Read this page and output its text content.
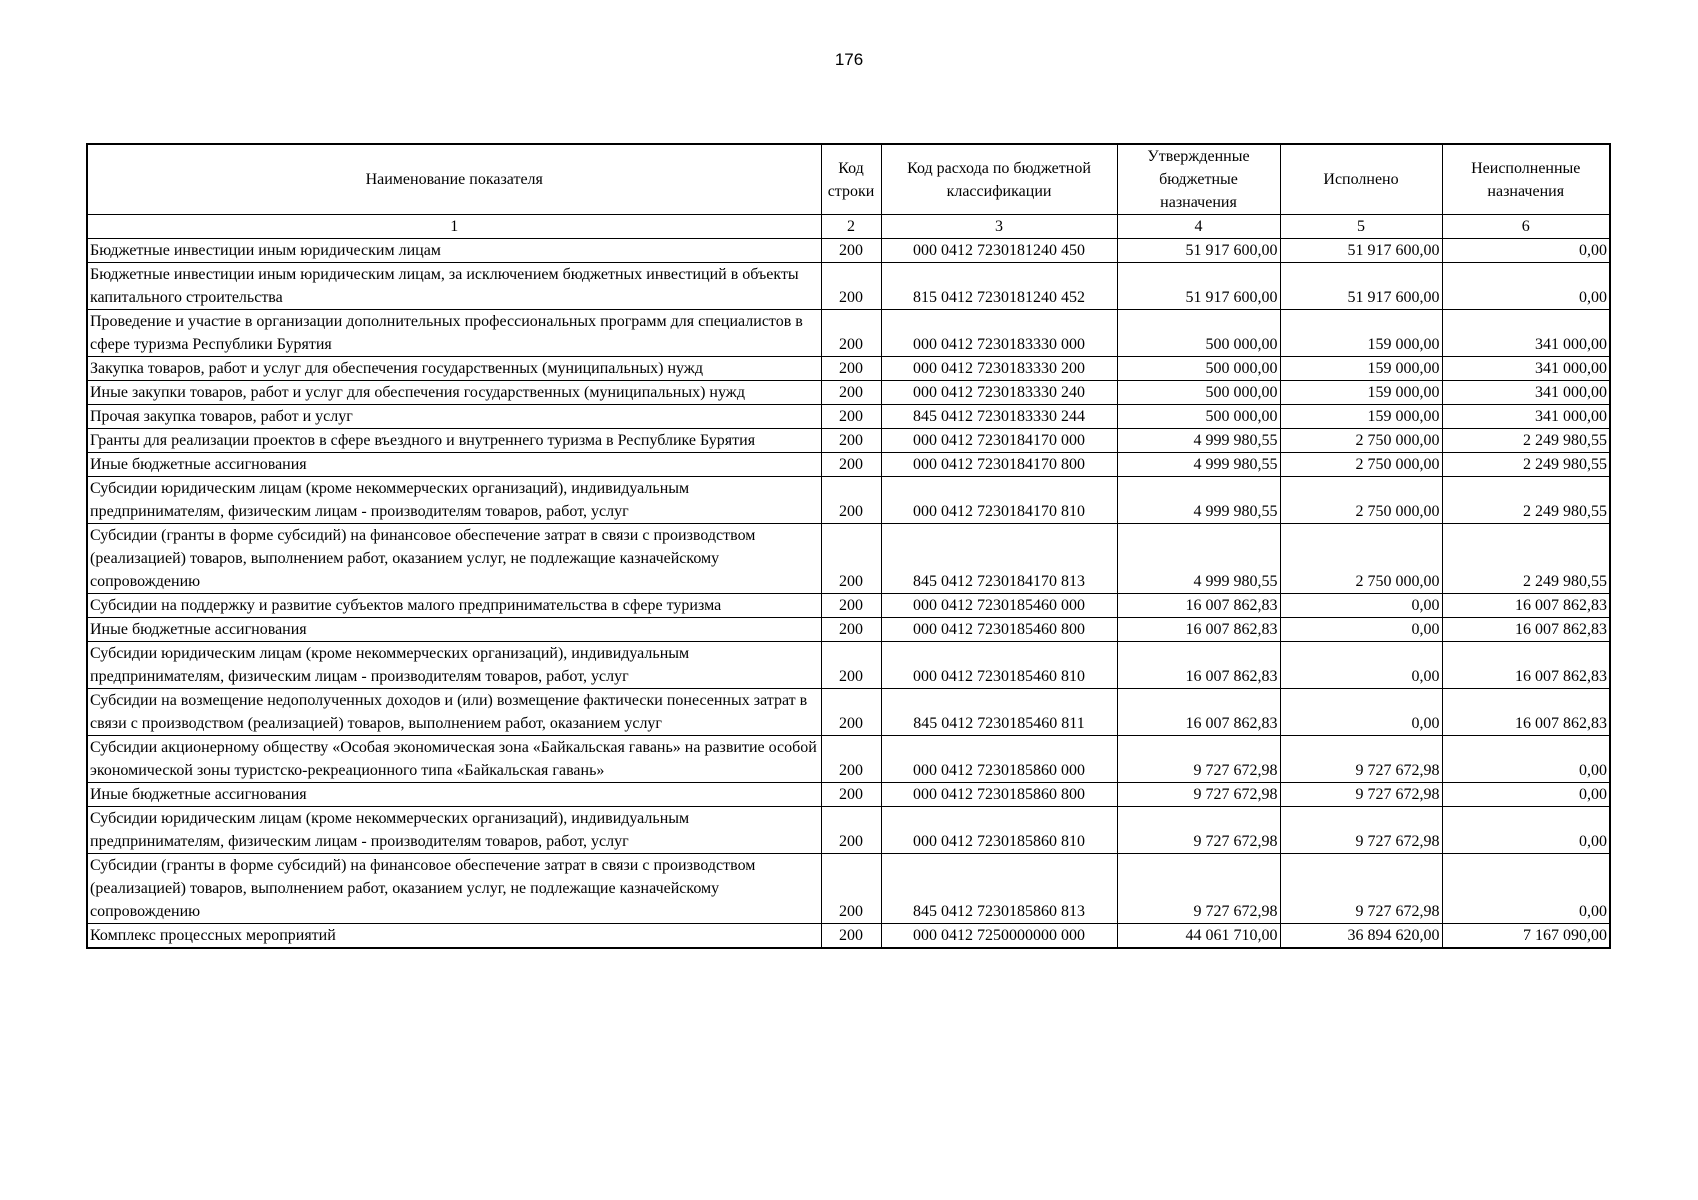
176
Наименование показателя	Код строки	Код расхода по бюджетной классификации	Утвержденные бюджетные назначения	Исполнено	Неисполненные назначения
1	2	3	4	5	6
Бюджетные инвестиции иным юридическим лицам	200	000 0412 7230181240 450	51 917 600,00	51 917 600,00	0,00
Бюджетные инвестиции иным юридическим лицам, за исключением бюджетных инвестиций в объекты капитального строительства	200	815 0412 7230181240 452	51 917 600,00	51 917 600,00	0,00
Проведение и участие в организации дополнительных профессиональных программ для специалистов в сфере туризма Республики Бурятия	200	000 0412 7230183330 000	500 000,00	159 000,00	341 000,00
Закупка товаров, работ и услуг для обеспечения государственных (муниципальных) нужд	200	000 0412 7230183330 200	500 000,00	159 000,00	341 000,00
Иные закупки товаров, работ и услуг для обеспечения государственных (муниципальных) нужд	200	000 0412 7230183330 240	500 000,00	159 000,00	341 000,00
Прочая закупка товаров, работ и услуг	200	845 0412 7230183330 244	500 000,00	159 000,00	341 000,00
Гранты для реализации проектов в сфере въездного и внутреннего туризма в Республике Бурятия	200	000 0412 7230184170 000	4 999 980,55	2 750 000,00	2 249 980,55
Иные бюджетные ассигнования	200	000 0412 7230184170 800	4 999 980,55	2 750 000,00	2 249 980,55
Субсидии юридическим лицам (кроме некоммерческих организаций), индивидуальным предпринимателям, физическим лицам - производителям товаров, работ, услуг	200	000 0412 7230184170 810	4 999 980,55	2 750 000,00	2 249 980,55
Субсидии (гранты в форме субсидий) на финансовое обеспечение затрат в связи с производством (реализацией) товаров, выполнением работ, оказанием услуг, не подлежащие казначейскому сопровождению	200	845 0412 7230184170 813	4 999 980,55	2 750 000,00	2 249 980,55
Субсидии на поддержку и развитие субъектов малого предпринимательства в сфере туризма	200	000 0412 7230185460 000	16 007 862,83	0,00	16 007 862,83
Иные бюджетные ассигнования	200	000 0412 7230185460 800	16 007 862,83	0,00	16 007 862,83
Субсидии юридическим лицам (кроме некоммерческих организаций), индивидуальным предпринимателям, физическим лицам - производителям товаров, работ, услуг	200	000 0412 7230185460 810	16 007 862,83	0,00	16 007 862,83
Субсидии на возмещение недополученных доходов и (или) возмещение фактически понесенных затрат в связи с производством (реализацией) товаров, выполнением работ, оказанием услуг	200	845 0412 7230185460 811	16 007 862,83	0,00	16 007 862,83
Субсидии акционерному обществу «Особая экономическая зона «Байкальская гавань» на развитие особой экономической зоны туристско-рекреационного типа «Байкальская гавань»	200	000 0412 7230185860 000	9 727 672,98	9 727 672,98	0,00
Иные бюджетные ассигнования	200	000 0412 7230185860 800	9 727 672,98	9 727 672,98	0,00
Субсидии юридическим лицам (кроме некоммерческих организаций), индивидуальным предпринимателям, физическим лицам - производителям товаров, работ, услуг	200	000 0412 7230185860 810	9 727 672,98	9 727 672,98	0,00
Субсидии (гранты в форме субсидий) на финансовое обеспечение затрат в связи с производством (реализацией) товаров, выполнением работ, оказанием услуг, не подлежащие казначейскому сопровождению	200	845 0412 7230185860 813	9 727 672,98	9 727 672,98	0,00
Комплекс процессных мероприятий	200	000 0412 7250000000 000	44 061 710,00	36 894 620,00	7 167 090,00
